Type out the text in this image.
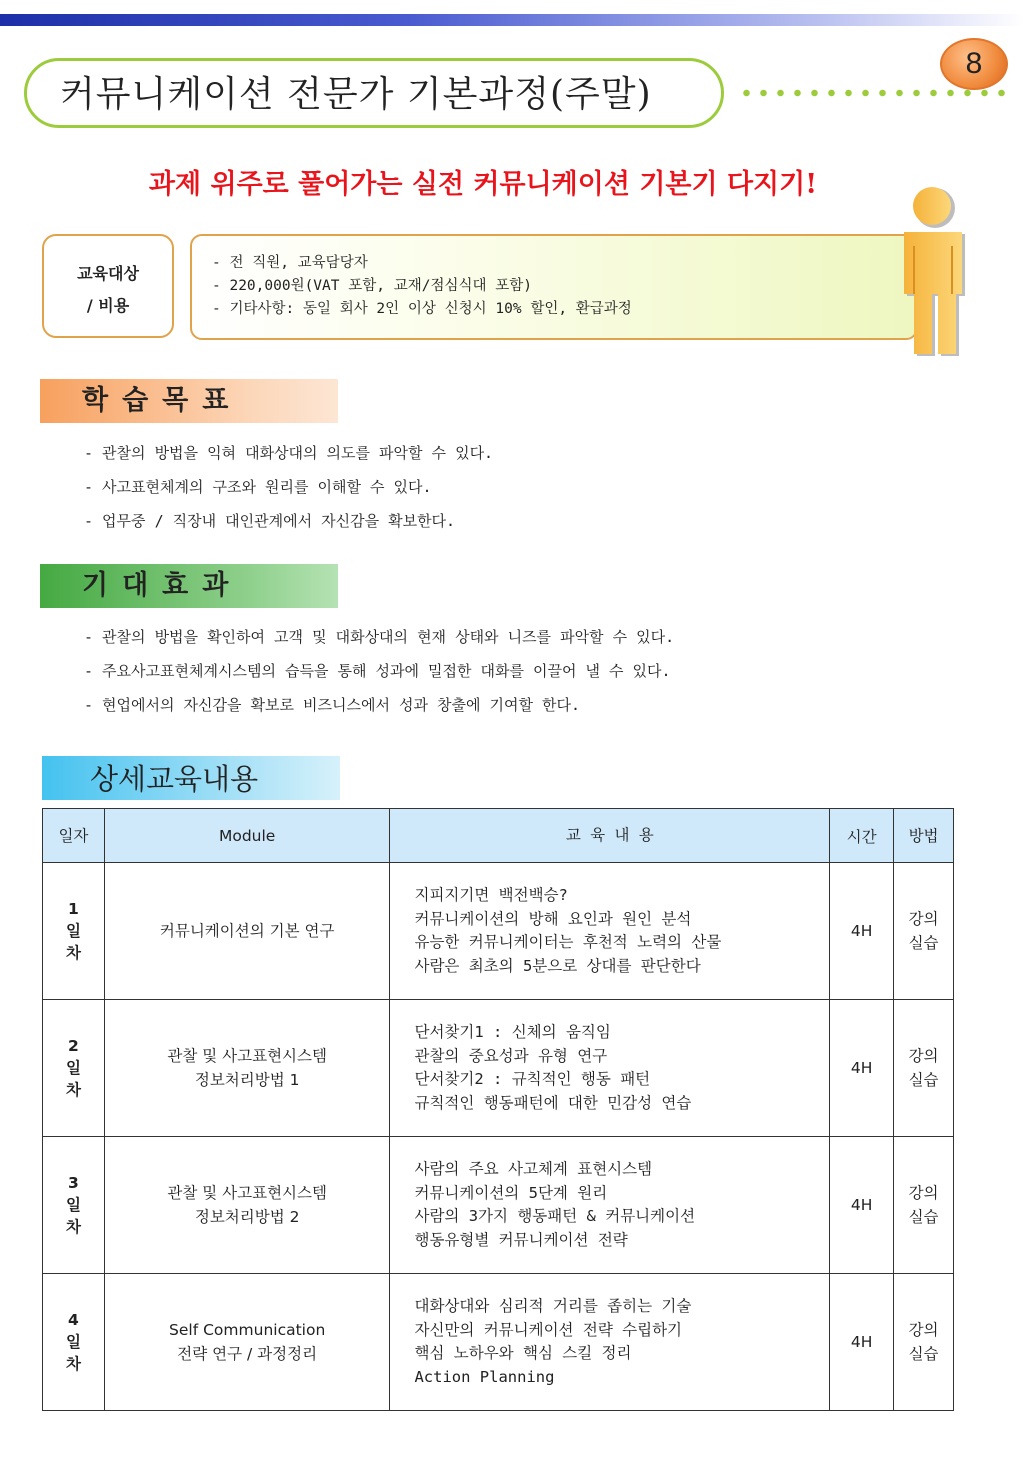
커뮤니케이션 전문가 기본과정(주말)
8
과제 위주로 풀어가는 실전 커뮤니케이션 기본기 다지기!
교육대상
/ 비용
- 전 직원, 교육담당자
- 220,000원(VAT 포함, 교재/점심식대 포함)
- 기타사항: 동일 회사 2인 이상 신청시 10% 할인, 환급과정
학습목표
- 관찰의 방법을 익혀 대화상대의 의도를 파악할 수 있다.
- 사고표현체계의 구조와 원리를 이해할 수 있다.
- 업무중 / 직장내 대인관계에서 자신감을 확보한다.
기대효과
- 관찰의 방법을 확인하여 고객 및 대화상대의 현재 상태와 니즈를 파악할 수 있다.
- 주요사고표현체계시스템의 습득을 통해 성과에 밀접한 대화를 이끌어 낼 수 있다.
- 현업에서의 자신감을 확보로 비즈니스에서 성과 창출에 기여할 한다.
상세교육내용
일자	Module	교 육 내 용	시간	방법

1
일
차	커뮤니케이션의 기본 연구	지피지기면 백전백승?
커뮤니케이션의 방해 요인과 원인 분석
유능한 커뮤니케이터는 후천적 노력의 산물
사람은 최초의 5분으로 상대를 판단한다	4H	강의
실습

2
일
차	관찰 및 사고표현시스템
정보처리방법 1	단서찾기1 : 신체의 움직임
관찰의 중요성과 유형 연구
단서찾기2 : 규칙적인 행동 패턴
규칙적인 행동패턴에 대한 민감성 연습	4H	강의
실습

3
일
차	관찰 및 사고표현시스템
정보처리방법 2	사람의 주요 사고체계 표현시스템
커뮤니케이션의 5단계 원리
사람의 3가지 행동패턴 & 커뮤니케이션
행동유형별 커뮤니케이션 전략	4H	강의
실습

4
일
차	Self Communication
전략 연구 / 과정정리	대화상대와 심리적 거리를 좁히는 기술
자신만의 커뮤니케이션 전략 수립하기
핵심 노하우와 핵심 스킬 정리
Action Planning	4H	강의
실습
